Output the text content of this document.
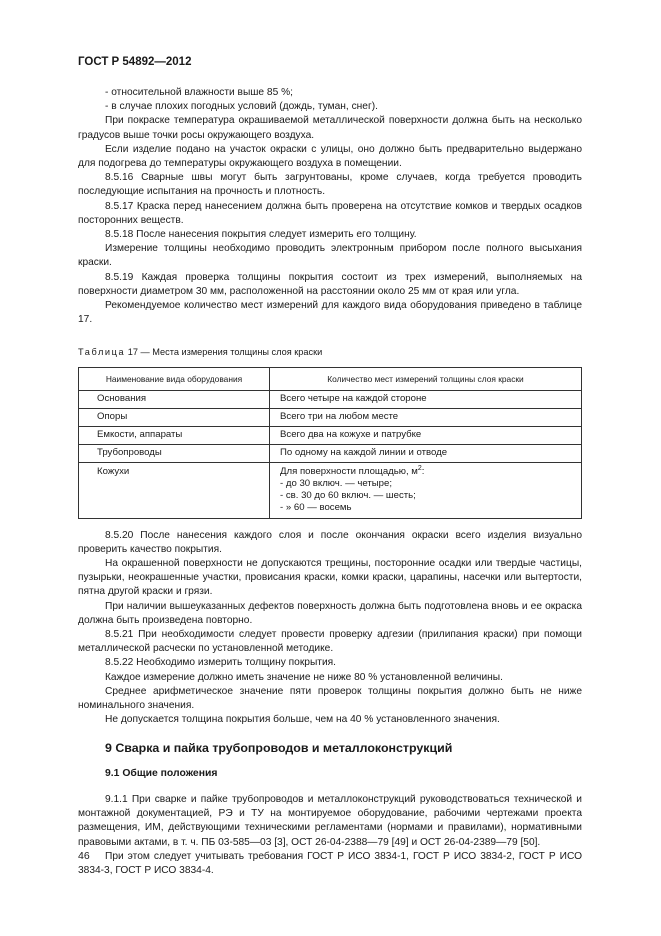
ГОСТ Р 54892—2012

- относительной влажности выше 85 %;

- в случае плохих погодных условий (дождь, туман, снег).

При покраске температура окрашиваемой металлической поверхности должна быть на несколько градусов выше точки росы окружающего воздуха.

Если изделие подано на участок окраски с улицы, оно должно быть предварительно выдержано для подогрева до температуры окружающего воздуха в помещении.

8.5.16 Сварные швы могут быть загрунтованы, кроме случаев, когда требуется проводить последующие испытания на прочность и плотность.

8.5.17 Краска перед нанесением должна быть проверена на отсутствие комков и твердых осадков посторонних веществ.

8.5.18 После нанесения покрытия следует измерить его толщину.

Измерение толщины необходимо проводить электронным прибором после полного высыхания краски.

8.5.19 Каждая проверка толщины покрытия состоит из трех измерений, выполняемых на поверхности диаметром 30 мм, расположенной на расстоянии около 25 мм от края или угла.

Рекомендуемое количество мест измерений для каждого вида оборудования приведено в таблице 17.

Таблица 17 — Места измерения толщины слоя краски

Наименование вида оборудования	Количество мест измерений толщины слоя краски
Основания	Всего четыре на каждой стороне
Опоры	Всего три на любом месте
Емкости, аппараты	Всего два на кожухе и патрубке
Трубопроводы	По одному на каждой линии и отводе
Кожухи	Для поверхности площадью, $м^2$:
- до 30 включ. — четыре;
- св. 30 до 60 включ. — шесть;
- » 60 — восемь

8.5.20 После нанесения каждого слоя и после окончания окраски всего изделия визуально проверить качество покрытия.

На окрашенной поверхности не допускаются трещины, посторонние осадки или твердые частицы, пузырьки, неокрашенные участки, провисания краски, комки краски, царапины, насечки или вытертости, пятна другой краски и грязи.

При наличии вышеуказанных дефектов поверхность должна быть подготовлена вновь и ее окраска должна быть произведена повторно.

8.5.21 При необходимости следует провести проверку адгезии (прилипания краски) при помощи металлической расчески по установленной методике.

8.5.22 Необходимо измерить толщину покрытия.

Каждое измерение должно иметь значение не ниже 80 % установленной величины.

Среднее арифметическое значение пяти проверок толщины покрытия должно быть не ниже номинального значения.

Не допускается толщина покрытия больше, чем на 40 % установленного значения.

9 Сварка и пайка трубопроводов и металлоконструкций

9.1 Общие положения

9.1.1 При сварке и пайке трубопроводов и металлоконструкций руководствоваться технической и монтажной документацией, РЭ и ТУ на монтируемое оборудование, рабочими чертежами проекта размещения, ИМ, действующими техническими регламентами (нормами и правилами), нормативными правовыми актами, в т. ч. ПБ 03-585—03 [3], ОСТ 26-04-2388—79 [49] и ОСТ 26-04-2389—79 [50].

При этом следует учитывать требования ГОСТ Р ИСО 3834-1, ГОСТ Р ИСО 3834-2, ГОСТ Р ИСО 3834-3, ГОСТ Р ИСО 3834-4.

46
